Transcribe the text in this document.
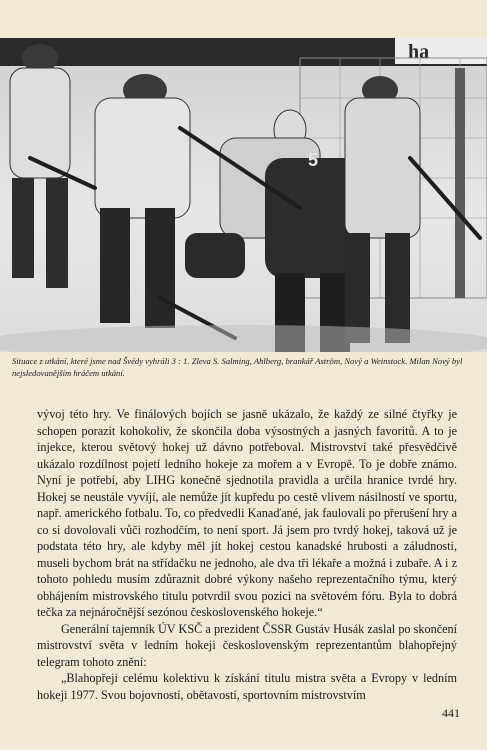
ha
5
Situace z utkání, které jsme nad Švédy vyhráli 3 : 1. Zleva S. Salming, Ahlberg, brankář Aström, Nový a Weinstock. Milan Nový byl nejsledovanějším hráčem utkání.

vývoj této hry. Ve finálových bojích se jasně ukázalo, že každý ze silné čtyřky je schopen porazit kohokoliv, že skončila doba výsostných a jasných favoritů. A to je injekce, kterou světový hokej už dávno potřeboval. Mistrovství také přesvědčivě ukázalo rozdílnost pojetí ledního hokeje za mořem a v Evropě. To je dobře známo. Nyní je potřebí, aby LIHG konečně sjednotila pravidla a určila hranice tvrdé hry. Hokej se neustále vyvíjí, ale nemůže jít kupředu po cestě vlivem násilností ve sportu, např. amerického fotbalu. To, co předvedli Kanaďané, jak faulovali po přerušení hry a co si dovolovali vůči rozhodčím, to není sport. Já jsem pro tvrdý hokej, taková už je podstata této hry, ale kdyby měl jít hokej cestou kanadské hrubosti a záludnosti, museli bychom brát na střídačku ne jednoho, ale dva tři lékaře a možná i zubaře. A i z tohoto pohledu musím zdůraznit dobré výkony našeho reprezentačního týmu, který obhájením mistrovského titulu potvrdil svou pozici na světovém fóru. Byla to dobrá tečka za nejnáročnější sezónou československého hokeje.“

Generální tajemník ÚV KSČ a prezident ČSSR Gustáv Husák zaslal po skončení mistrovství světa v ledním hokeji československým reprezentantům blahopřejný telegram tohoto znění:

„Blahopřeji celému kolektivu k získání titulu mistra světa a Evropy v ledním hokeji 1977. Svou bojovností, obětavostí, sportovním mistrovstvím

441
